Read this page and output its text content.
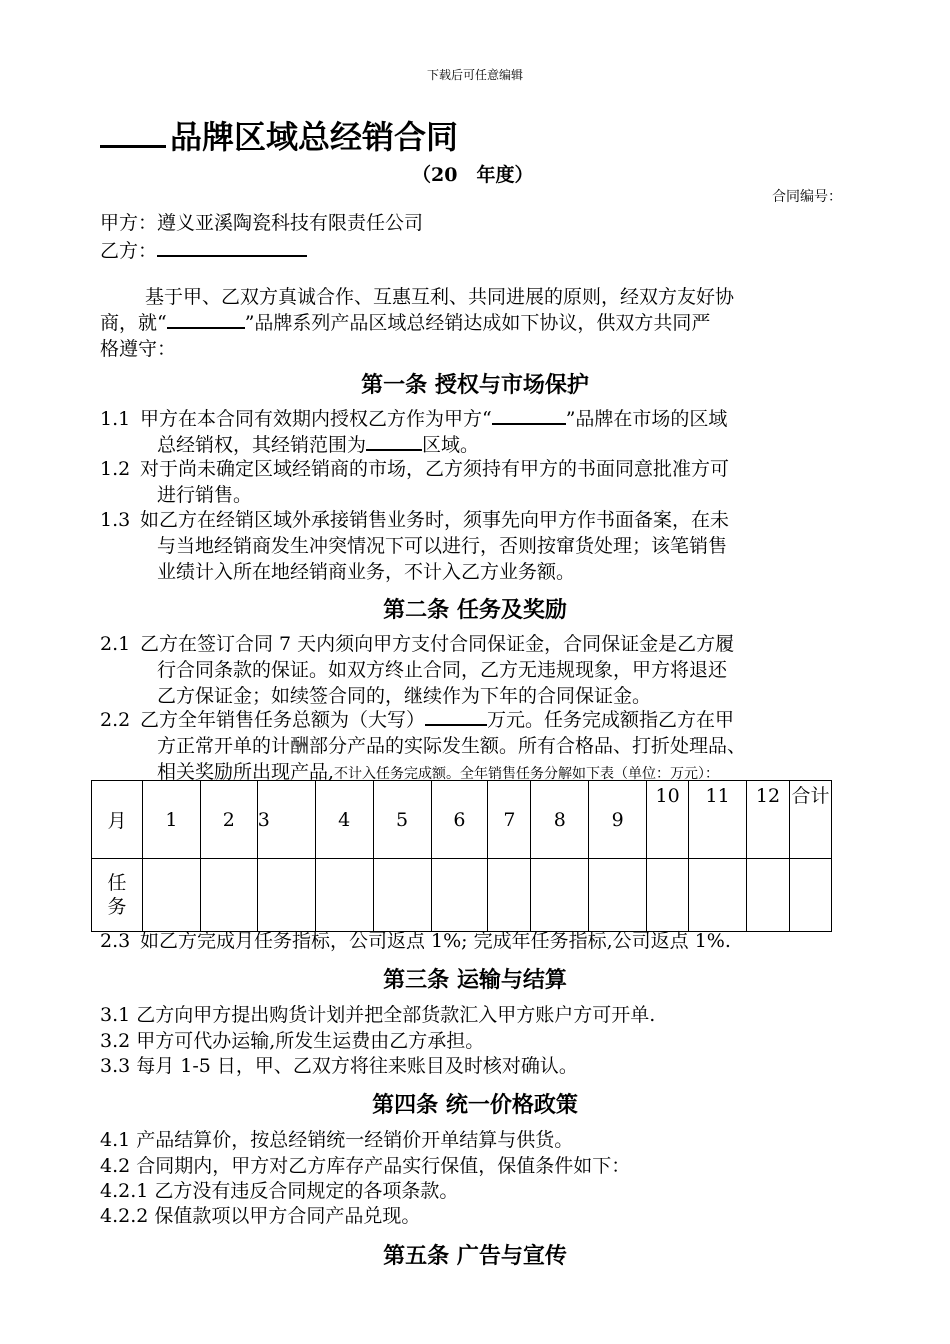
下载后可任意编辑
品牌区域总经销合同
（20　年度）
合同编号：
甲方：遵义亚溪陶瓷科技有限责任公司
乙方：
基于甲、乙双方真诚合作、互惠互利、共同进展的原则，经双方友好协
商，就“	”品牌系列产品区域总经销达成如下协议，供双方共同严
格遵守：
第一条 授权与市场保护
1.1 甲方在本合同有效期内授权乙方作为甲方“	”品牌在市场的区域
总经销权，其经销范围为	区域。
1.2 对于尚未确定区域经销商的市场，乙方须持有甲方的书面同意批准方可
进行销售。
1.3 如乙方在经销区域外承接销售业务时，须事先向甲方作书面备案，在未
与当地经销商发生冲突情况下可以进行，否则按窜货处理；该笔销售
业绩计入所在地经销商业务，不计入乙方业务额。
第二条 任务及奖励
2.1 乙方在签订合同 7 天内须向甲方支付合同保证金，合同保证金是乙方履
行合同条款的保证。如双方终止合同，乙方无违规现象，甲方将退还
乙方保证金；如续签合同的，继续作为下年的合同保证金。
2.2 乙方全年销售任务总额为（大写）	万元。任务完成额指乙方在甲
方正常开单的计酬部分产品的实际发生额。所有合格品、打折处理品、
相关奖励所出现产品,不计入任务完成额。全年销售任务分解如下表（单位：万元）：
月	1	2	3	4	5	6	7	8	9	10	11	12	合计
任务													
2.3 如乙方完成月任务指标，公司返点 1%; 完成年任务指标,公司返点 1%.
第三条 运输与结算
3.1 乙方向甲方提出购货计划并把全部货款汇入甲方账户方可开单.
3.2 甲方可代办运输,所发生运费由乙方承担。
3.3 每月 1-5 日，甲、乙双方将往来账目及时核对确认。
第四条 统一价格政策
4.1 产品结算价，按总经销统一经销价开单结算与供货。
4.2 合同期内，甲方对乙方库存产品实行保值，保值条件如下：
4.2.1 乙方没有违反合同规定的各项条款。
4.2.2 保值款项以甲方合同产品兑现。
第五条 广告与宣传
